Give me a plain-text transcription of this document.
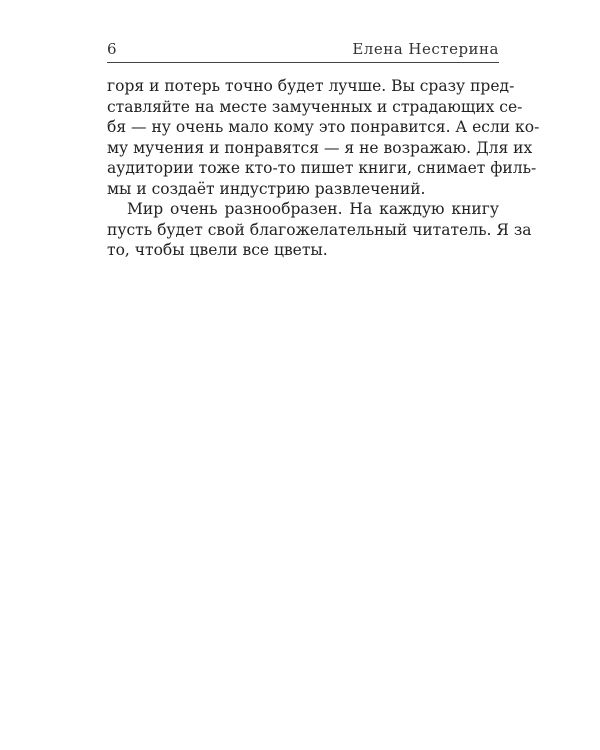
6	Елена Нестерина
горя и потерь точно будет лучше. Вы сразу пред-
ставляйте на месте замученных и страдающих се-
бя — ну очень мало кому это понравится. А если ко-
му мучения и понравятся — я не возражаю. Для их
аудитории тоже кто-то пишет книги, снимает филь-
мы и создаёт индустрию развлечений.
Мир очень разнообразен. На каждую книгу
пусть будет свой благожелательный читатель. Я за
то, чтобы цвели все цветы.
